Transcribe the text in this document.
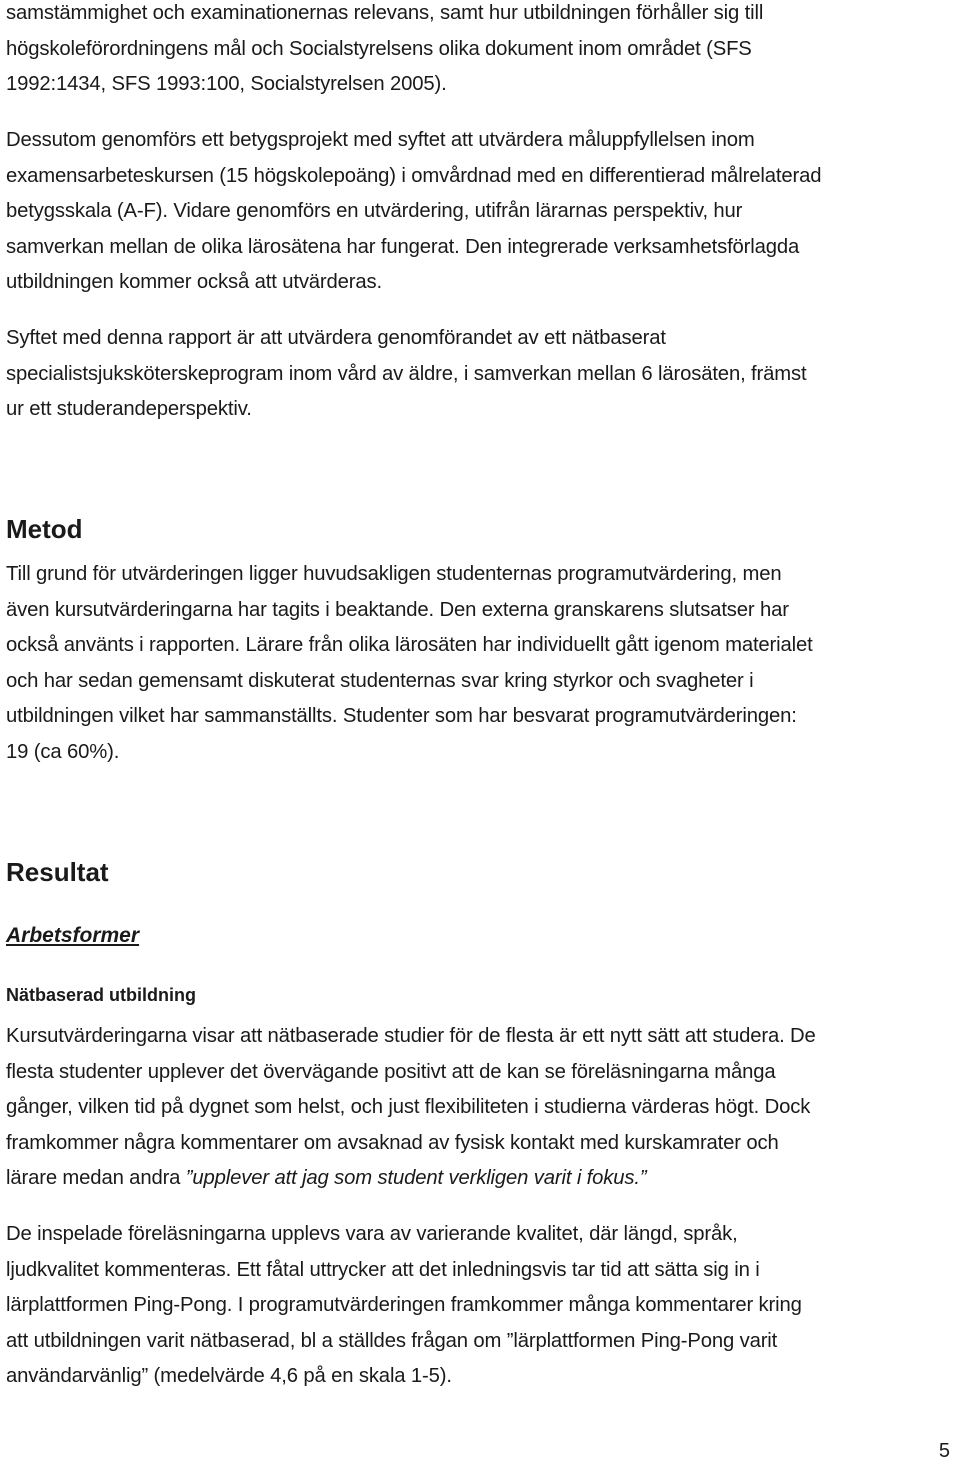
samstämmighet och examinationernas relevans, samt hur utbildningen förhåller sig till
högskoleförordningens mål och Socialstyrelsens olika dokument inom området (SFS
1992:1434, SFS 1993:100, Socialstyrelsen 2005).
Dessutom genomförs ett betygsprojekt med syftet att utvärdera måluppfyllelsen inom
examensarbeteskursen (15 högskolepoäng) i omvårdnad med en differentierad målrelaterad
betygsskala (A-F). Vidare genomförs en utvärdering, utifrån lärarnas perspektiv, hur
samverkan mellan de olika lärosätena har fungerat. Den integrerade verksamhetsförlagda
utbildningen kommer också att utvärderas.
Syftet med denna rapport är att utvärdera genomförandet av ett nätbaserat
specialistsjuksköterskeprogram inom vård av äldre, i samverkan mellan 6 lärosäten, främst
ur ett studerandeperspektiv.
Metod
Till grund för utvärderingen ligger huvudsakligen studenternas programutvärdering, men
även kursutvärderingarna har tagits i beaktande. Den externa granskarens slutsatser har
också använts i rapporten. Lärare från olika lärosäten har individuellt gått igenom materialet
och har sedan gemensamt diskuterat studenternas svar kring styrkor och svagheter i
utbildningen vilket har sammanställts. Studenter som har besvarat programutvärderingen:
19 (ca 60%).
Resultat
Arbetsformer
Nätbaserad utbildning
Kursutvärderingarna visar att nätbaserade studier för de flesta är ett nytt sätt att studera. De
flesta studenter upplever det övervägande positivt att de kan se föreläsningarna många
gånger, vilken tid på dygnet som helst, och just flexibiliteten i studierna värderas högt. Dock
framkommer några kommentarer om avsaknad av fysisk kontakt med kurskamrater och
lärare medan andra ”upplever att jag som student verkligen varit i fokus.”
De inspelade föreläsningarna upplevs vara av varierande kvalitet, där längd, språk,
ljudkvalitet kommenteras. Ett fåtal uttrycker att det inledningsvis tar tid att sätta sig in i
lärplattformen Ping-Pong. I programutvärderingen framkommer många kommentarer kring
att utbildningen varit nätbaserad, bl a ställdes frågan om ”lärplattformen Ping-Pong varit
användarvänlig” (medelvärde 4,6 på en skala 1-5).
5
